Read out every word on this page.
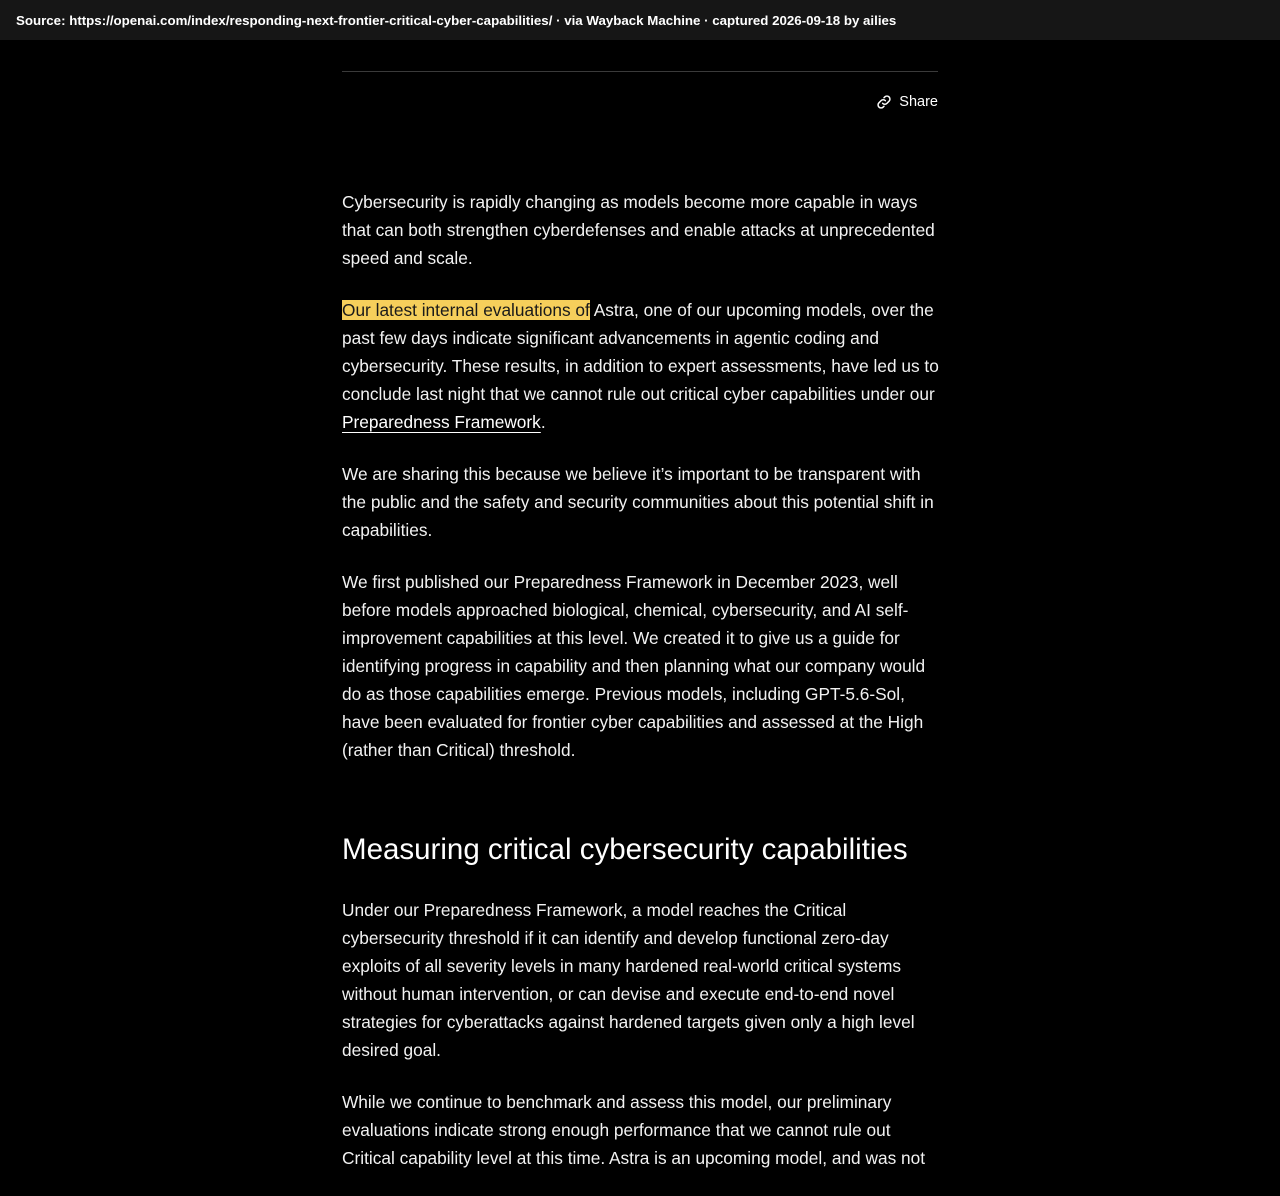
Source: https://openai.com/index/responding-next-frontier-critical-cyber-capabilities/ · via Wayback Machine · captured 2026-09-18 by ailies
Share

Cybersecurity is rapidly changing as models become more capable in ways that can both strengthen cyberdefenses and enable attacks at unprecedented speed and scale.

Our latest internal evaluations of Astra, one of our upcoming models, over the past few days indicate significant advancements in agentic coding and cybersecurity. These results, in addition to expert assessments, have led us to conclude last night that we cannot rule out critical cyber capabilities under our Preparedness Framework.

We are sharing this because we believe it’s important to be transparent with the public and the safety and security communities about this potential shift in capabilities.

We first published our Preparedness Framework in December 2023, well before models approached biological, chemical, cybersecurity, and AI self-improvement capabilities at this level. We created it to give us a guide for identifying progress in capability and then planning what our company would do as those capabilities emerge. Previous models, including GPT-5.6-Sol, have been evaluated for frontier cyber capabilities and assessed at the High (rather than Critical) threshold.

Measuring critical cybersecurity capabilities

Under our Preparedness Framework, a model reaches the Critical cybersecurity threshold if it can identify and develop functional zero-day exploits of all severity levels in many hardened real-world critical systems without human intervention, or can devise and execute end-to-end novel strategies for cyberattacks against hardened targets given only a high level desired goal.

While we continue to benchmark and assess this model, our preliminary evaluations indicate strong enough performance that we cannot rule out Critical capability level at this time. Astra is an upcoming model, and was not
